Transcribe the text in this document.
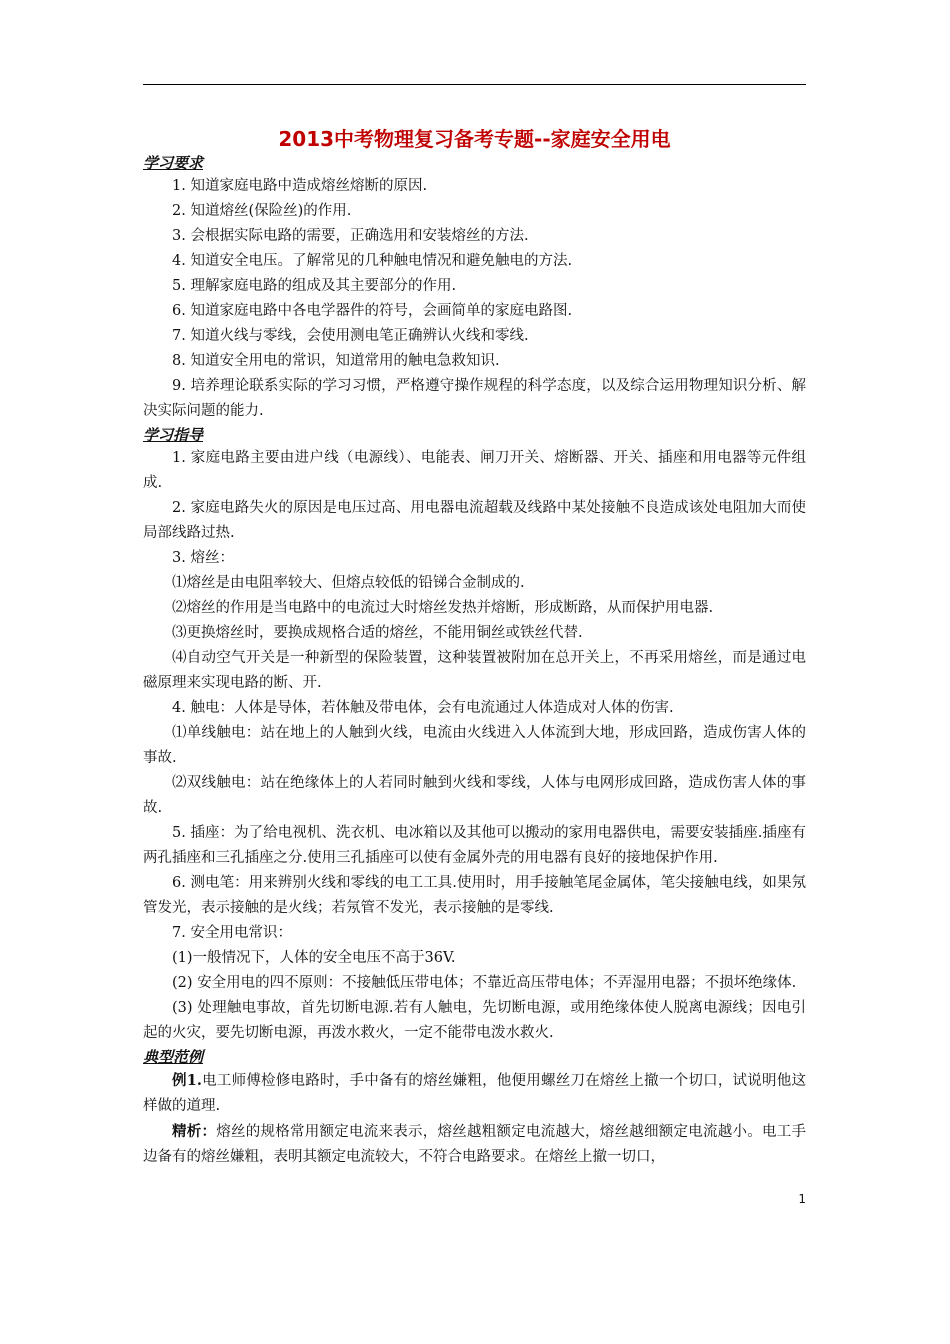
2013中考物理复习备考专题--家庭安全用电
学习要求

1. 知道家庭电路中造成熔丝熔断的原因.

2. 知道熔丝(保险丝)的作用.

3. 会根据实际电路的需要，正确选用和安装熔丝的方法.

4. 知道安全电压。了解常见的几种触电情况和避免触电的方法.

5. 理解家庭电路的组成及其主要部分的作用.

6. 知道家庭电路中各电学器件的符号，会画简单的家庭电路图.

7. 知道火线与零线，会使用测电笔正确辨认火线和零线.

8. 知道安全用电的常识，知道常用的触电急救知识.

9. 培养理论联系实际的学习习惯，严格遵守操作规程的科学态度，以及综合运用物理知识分析、解决实际问题的能力.

学习指导

1. 家庭电路主要由进户线（电源线）、电能表、闸刀开关、熔断器、开关、插座和用电器等元件组成.

2. 家庭电路失火的原因是电压过高、用电器电流超载及线路中某处接触不良造成该处电阻加大而使局部线路过热.

3. 熔丝：

⑴熔丝是由电阻率较大、但熔点较低的铅锑合金制成的.

⑵熔丝的作用是当电路中的电流过大时熔丝发热并熔断，形成断路，从而保护用电器.

⑶更换熔丝时，要换成规格合适的熔丝，不能用铜丝或铁丝代替.

⑷自动空气开关是一种新型的保险装置，这种装置被附加在总开关上，不再采用熔丝，而是通过电磁原理来实现电路的断、开.

4. 触电：人体是导体，若体触及带电体，会有电流通过人体造成对人体的伤害.

⑴单线触电：站在地上的人触到火线，电流由火线进入人体流到大地，形成回路，造成伤害人体的事故.

⑵双线触电：站在绝缘体上的人若同时触到火线和零线，人体与电网形成回路，造成伤害人体的事故.

5. 插座：为了给电视机、洗衣机、电冰箱以及其他可以搬动的家用电器供电，需要安装插座.插座有两孔插座和三孔插座之分.使用三孔插座可以使有金属外壳的用电器有良好的接地保护作用.

6. 测电笔：用来辨别火线和零线的电工工具.使用时，用手接触笔尾金属体，笔尖接触电线，如果氖管发光，表示接触的是火线；若氖管不发光，表示接触的是零线.

7. 安全用电常识：

(1)一般情况下，人体的安全电压不高于36V.

(2) 安全用电的四不原则：不接触低压带电体；不靠近高压带电体；不弄湿用电器；不损坏绝缘体.

(3) 处理触电事故，首先切断电源.若有人触电，先切断电源，或用绝缘体使人脱离电源线；因电引起的火灾，要先切断电源，再泼水救火，一定不能带电泼水救火.

典型范例

例1.电工师傅检修电路时，手中备有的熔丝嫌粗，他便用螺丝刀在熔丝上撤一个切口，试说明他这样做的道理.

精析：熔丝的规格常用额定电流来表示，熔丝越粗额定电流越大，熔丝越细额定电流越小。电工手边备有的熔丝嫌粗，表明其额定电流较大，不符合电路要求。在熔丝上撤一切口，

1
